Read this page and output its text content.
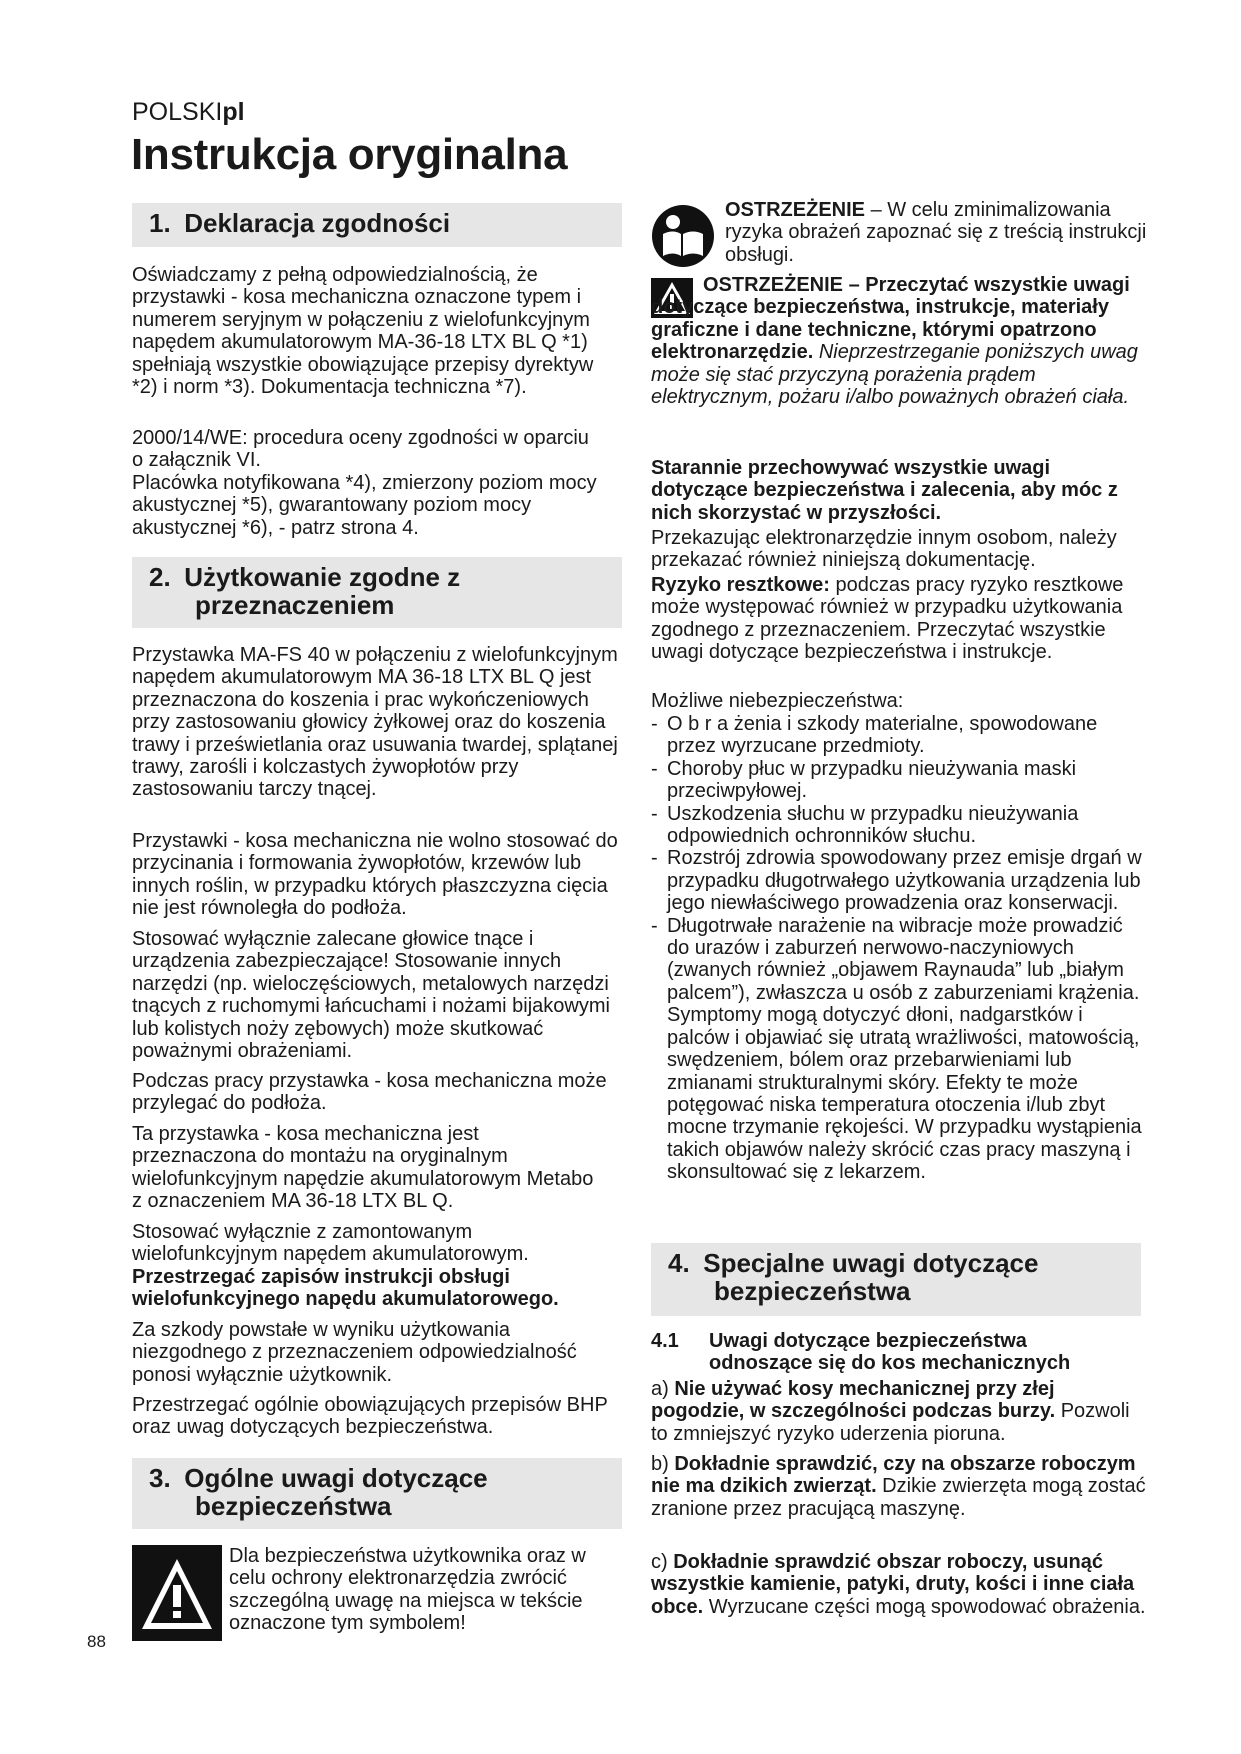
POLSKIpl
Instrukcja oryginalna
1. Deklaracja zgodności

Oświadczamy z pełną odpowiedzialnością, że przystawki - kosa mechaniczna oznaczone typem i numerem seryjnym w połączeniu z wielofunkcyjnym napędem akumulatorowym MA-36-18 LTX BL Q *1) spełniają wszystkie obowiązujące przepisy dyrektyw *2) i norm *3). Dokumentacja techniczna *7).

2000/14/WE: procedura oceny zgodności w oparciu o załącznik VI.

Placówka notyfikowana *4), zmierzony poziom mocy akustycznej *5), gwarantowany poziom mocy akustycznej *6), - patrz strona 4.

2. Użytkowanie zgodne z
przeznaczeniem

Przystawka MA-FS 40 w połączeniu z wielofunkcyjnym napędem akumulatorowym MA 36-18 LTX BL Q jest przeznaczona do koszenia i prac wykończeniowych przy zastosowaniu głowicy żyłkowej oraz do koszenia trawy i prześwietlania oraz usuwania twardej, splątanej trawy, zarośli i kolczastych żywopłotów przy zastosowaniu tarczy tnącej.

Przystawki - kosa mechaniczna nie wolno stosować do przycinania i formowania żywopłotów, krzewów lub innych roślin, w przypadku których płaszczyzna cięcia nie jest równoległa do podłoża.

Stosować wyłącznie zalecane głowice tnące i urządzenia zabezpieczające! Stosowanie innych narzędzi (np. wieloczęściowych, metalowych narzędzi tnących z ruchomymi łańcuchami i nożami bijakowymi lub kolistych noży zębowych) może skutkować poważnymi obrażeniami.

Podczas pracy przystawka - kosa mechaniczna może przylegać do podłoża.

Ta przystawka - kosa mechaniczna jest przeznaczona do montażu na oryginalnym wielofunkcyjnym napędzie akumulatorowym Metabo z oznaczeniem MA 36-18 LTX BL Q.

Stosować wyłącznie z zamontowanym wielofunkcyjnym napędem akumulatorowym.
Przestrzegać zapisów instrukcji obsługi wielofunkcyjnego napędu akumulatorowego.

Za szkody powstałe w wyniku użytkowania niezgodnego z przeznaczeniem odpowiedzialność ponosi wyłącznie użytkownik.

Przestrzegać ogólnie obowiązujących przepisów BHP oraz uwag dotyczących bezpieczeństwa.

3. Ogólne uwagi dotyczące
bezpieczeństwa

Dla bezpieczeństwa użytkownika oraz w celu ochrony elektronarzędzia zwrócić szczególną uwagę na miejsca w tekście oznaczone tym symbolem!

88

OSTRZEŻENIE – W celu zminimalizowania ryzyka obrażeń zapoznać się z treścią instrukcji obsługi.

OSTRZEŻENIE – Przeczytać wszystkie uwagi dotyczące bezpieczeństwa, instrukcje, materiały graficzne i dane techniczne, którymi opatrzono elektronarzędzie. Nieprzestrzeganie poniższych uwag może się stać przyczyną porażenia prądem elektrycznym, pożaru i/albo poważnych obrażeń ciała.

Starannie przechowywać wszystkie uwagi dotyczące bezpieczeństwa i zalecenia, aby móc z nich skorzystać w przyszłości.

Przekazując elektronarzędzie innym osobom, należy przekazać również niniejszą dokumentację.

Ryzyko resztkowe: podczas pracy ryzyko resztkowe może występować również w przypadku użytkowania zgodnego z przeznaczeniem. Przeczytać wszystkie uwagi dotyczące bezpieczeństwa i instrukcje.

Możliwe niebezpieczeństwa:

- O b r a żenia i szkody materialne, spowodowane przez wyrzucane przedmioty.
- Choroby płuc w przypadku nieużywania maski przeciwpyłowej.
- Uszkodzenia słuchu w przypadku nieużywania odpowiednich ochronników słuchu.
- Rozstrój zdrowia spowodowany przez emisje drgań w przypadku długotrwałego użytkowania urządzenia lub jego niewłaściwego prowadzenia oraz konserwacji.
- Długotrwałe narażenie na wibracje może prowadzić do urazów i zaburzeń nerwowo-naczyniowych (zwanych również „objawem Raynauda” lub „białym palcem”), zwłaszcza u osób z zaburzeniami krążenia. Symptomy mogą dotyczyć dłoni, nadgarstków i palców i objawiać się utratą wrażliwości, matowością, swędzeniem, bólem oraz przebarwieniami lub zmianami strukturalnymi skóry. Efekty te może potęgować niska temperatura otoczenia i/lub zbyt mocne trzymanie rękojeści. W przypadku wystąpienia takich objawów należy skrócić czas pracy maszyną i skonsultować się z lekarzem.
4. Specjalne uwagi dotyczące
bezpieczeństwa
4.1 Uwagi dotyczące bezpieczeństwa
odnoszące się do kos mechanicznych

a) Nie używać kosy mechanicznej przy złej pogodzie, w szczególności podczas burzy. Pozwoli to zmniejszyć ryzyko uderzenia pioruna.

b) Dokładnie sprawdzić, czy na obszarze roboczym nie ma dzikich zwierząt. Dzikie zwierzęta mogą zostać zranione przez pracującą maszynę.

c) Dokładnie sprawdzić obszar roboczy, usunąć wszystkie kamienie, patyki, druty, kości i inne ciała obce. Wyrzucane części mogą spowodować obrażenia.
